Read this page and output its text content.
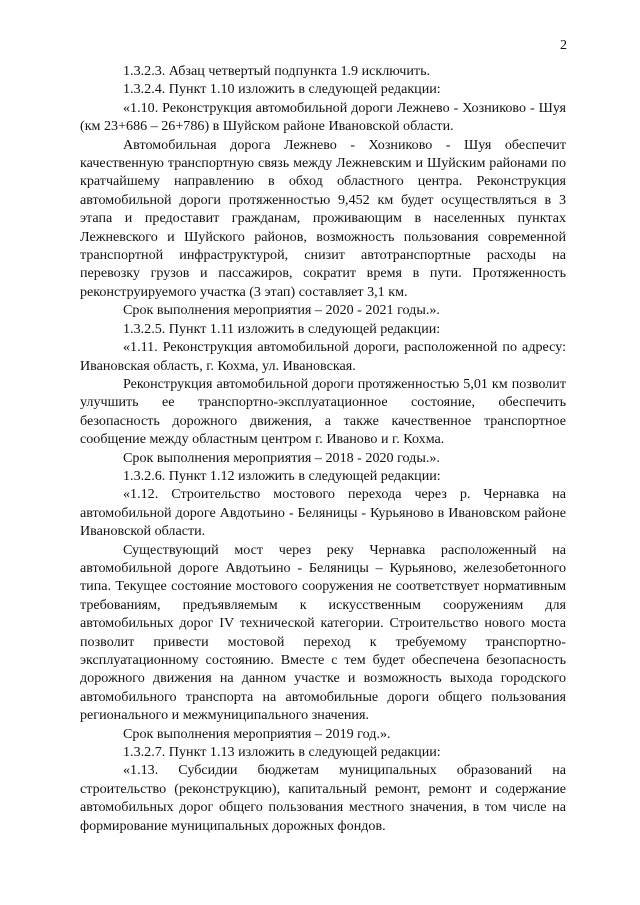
2

1.3.2.3. Абзац четвертый подпункта 1.9 исключить.

1.3.2.4. Пункт 1.10 изложить в следующей редакции:

«1.10. Реконструкция автомобильной дороги Лежнево - Хозниково - Шуя (км 23+686 – 26+786) в Шуйском районе Ивановской области.

Автомобильная дорога Лежнево - Хозниково - Шуя обеспечит качественную транспортную связь между Лежневским и Шуйским районами по кратчайшему направлению в обход областного центра. Реконструкция автомобильной дороги протяженностью 9,452 км будет осуществляться в 3 этапа и предоставит гражданам, проживающим в населенных пунктах Лежневского и Шуйского районов, возможность пользования современной транспортной инфраструктурой, снизит автотранспортные расходы на перевозку грузов и пассажиров, сократит время в пути. Протяженность реконструируемого участка (3 этап) составляет 3,1 км.

Срок выполнения мероприятия – 2020 - 2021 годы.».

1.3.2.5. Пункт 1.11 изложить в следующей редакции:

«1.11. Реконструкция автомобильной дороги, расположенной по адресу: Ивановская область, г. Кохма, ул. Ивановская.

Реконструкция автомобильной дороги протяженностью 5,01 км позволит улучшить ее транспортно-эксплуатационное состояние, обеспечить безопасность дорожного движения, а также качественное транспортное сообщение между областным центром г. Иваново и г. Кохма.

Срок выполнения мероприятия – 2018 - 2020 годы.».

1.3.2.6. Пункт 1.12 изложить в следующей редакции:

«1.12. Строительство мостового перехода через р. Чернавка на автомобильной дороге Авдотьино - Беляницы - Курьяново в Ивановском районе Ивановской области.

Существующий мост через реку Чернавка расположенный на автомобильной дороге Авдотьино - Беляницы – Курьяново, железобетонного типа. Текущее состояние мостового сооружения не соответствует нормативным требованиям, предъявляемым к искусственным сооружениям для автомобильных дорог IV технической категории. Строительство нового моста позволит привести мостовой переход к требуемому транспортно-эксплуатационному состоянию. Вместе с тем будет обеспечена безопасность дорожного движения на данном участке и возможность выхода городского автомобильного транспорта на автомобильные дороги общего пользования регионального и межмуниципального значения.

Срок выполнения мероприятия – 2019 год.».

1.3.2.7. Пункт 1.13 изложить в следующей редакции:

«1.13. Субсидии бюджетам муниципальных образований на строительство (реконструкцию), капитальный ремонт, ремонт и содержание автомобильных дорог общего пользования местного значения, в том числе на формирование муниципальных дорожных фондов.
